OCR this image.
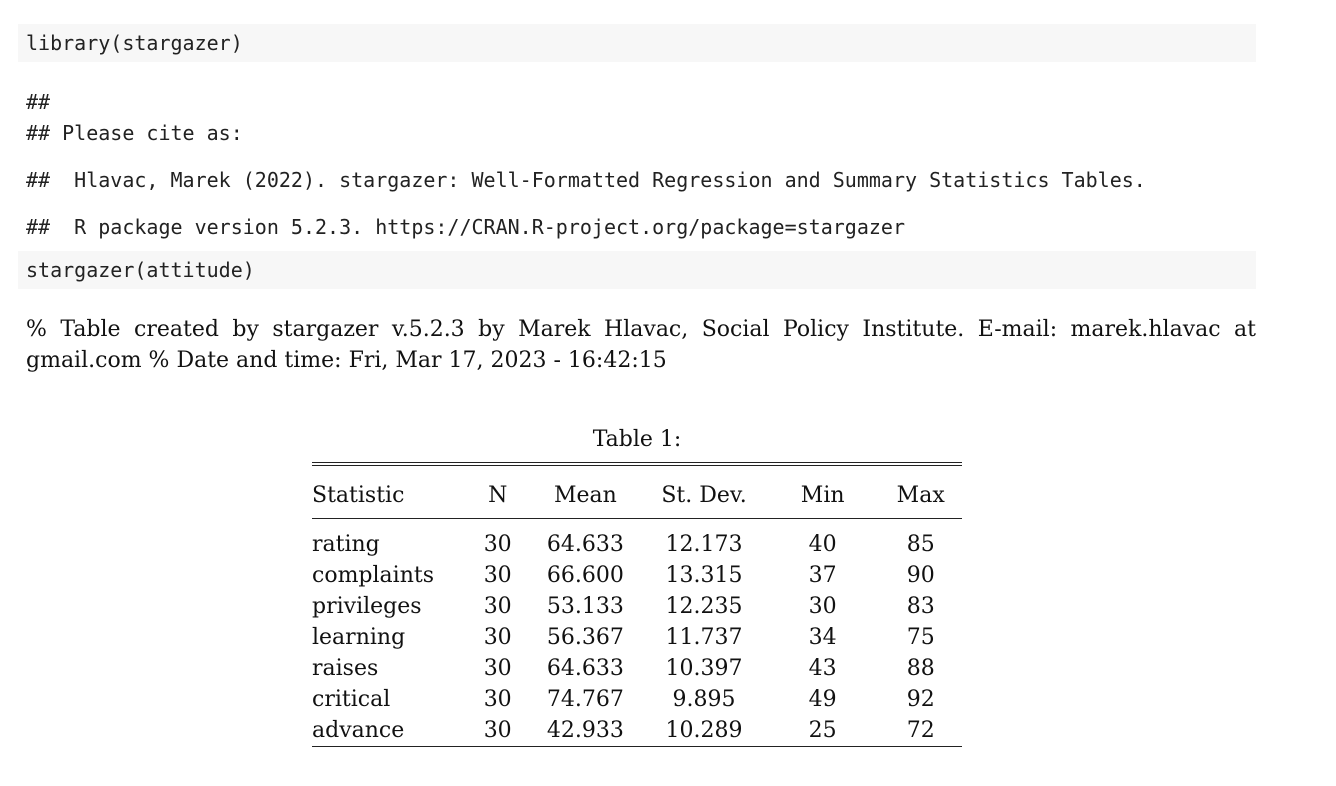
library(stargazer)
##
## Please cite as:
##  Hlavac, Marek (2022). stargazer: Well-Formatted Regression and Summary Statistics Tables.
##  R package version 5.2.3. https://CRAN.R-project.org/package=stargazer
stargazer(attitude)
% Table created by stargazer v.5.2.3 by Marek Hlavac, Social Policy Institute. E-mail: marek.hlavac at gmail.com % Date and time: Fri, Mar 17, 2023 - 16:42:15
Table 1:
Statistic	N	Mean	St. Dev.	Min	Max
rating	30	64.633	12.173	40	85
complaints	30	66.600	13.315	37	90
privileges	30	53.133	12.235	30	83
learning	30	56.367	11.737	34	75
raises	30	64.633	10.397	43	88
critical	30	74.767	9.895	49	92
advance	30	42.933	10.289	25	72
